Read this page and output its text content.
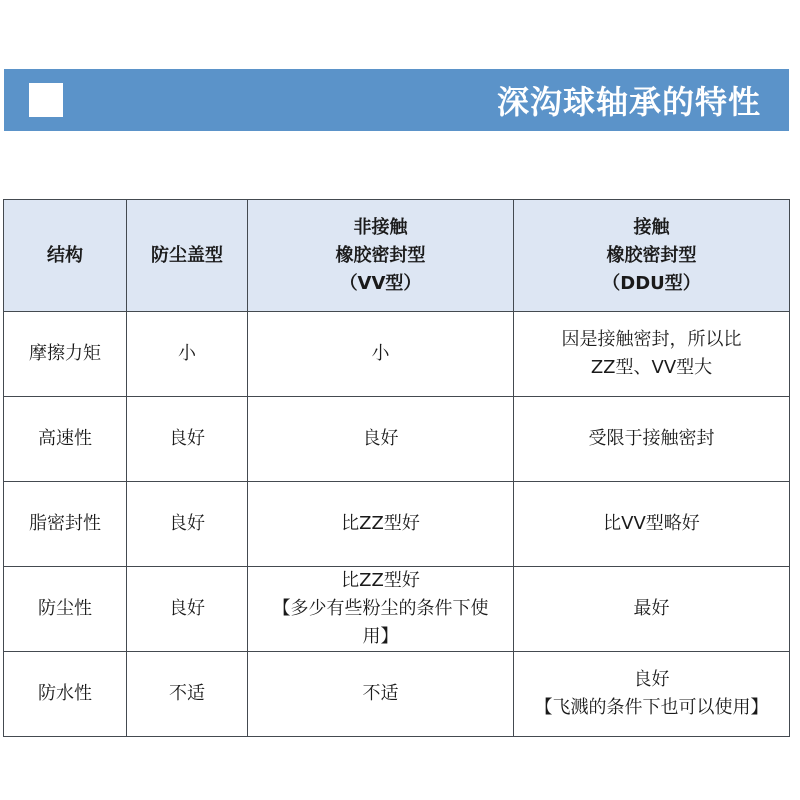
深沟球轴承的特性
结构	防尘盖型	非接触
橡胶密封型
（VV型）	接触
橡胶密封型
（DDU型）

摩擦力矩	小	小	因是接触密封，所以比
ZZ型、VV型大

高速性	良好	良好	受限于接触密封

脂密封性	良好	比ZZ型好	比VV型略好

防尘性	良好	比ZZ型好
【多少有些粉尘的条件下使
用】	最好

防水性	不适	不适	良好
【飞溅的条件下也可以使用】
